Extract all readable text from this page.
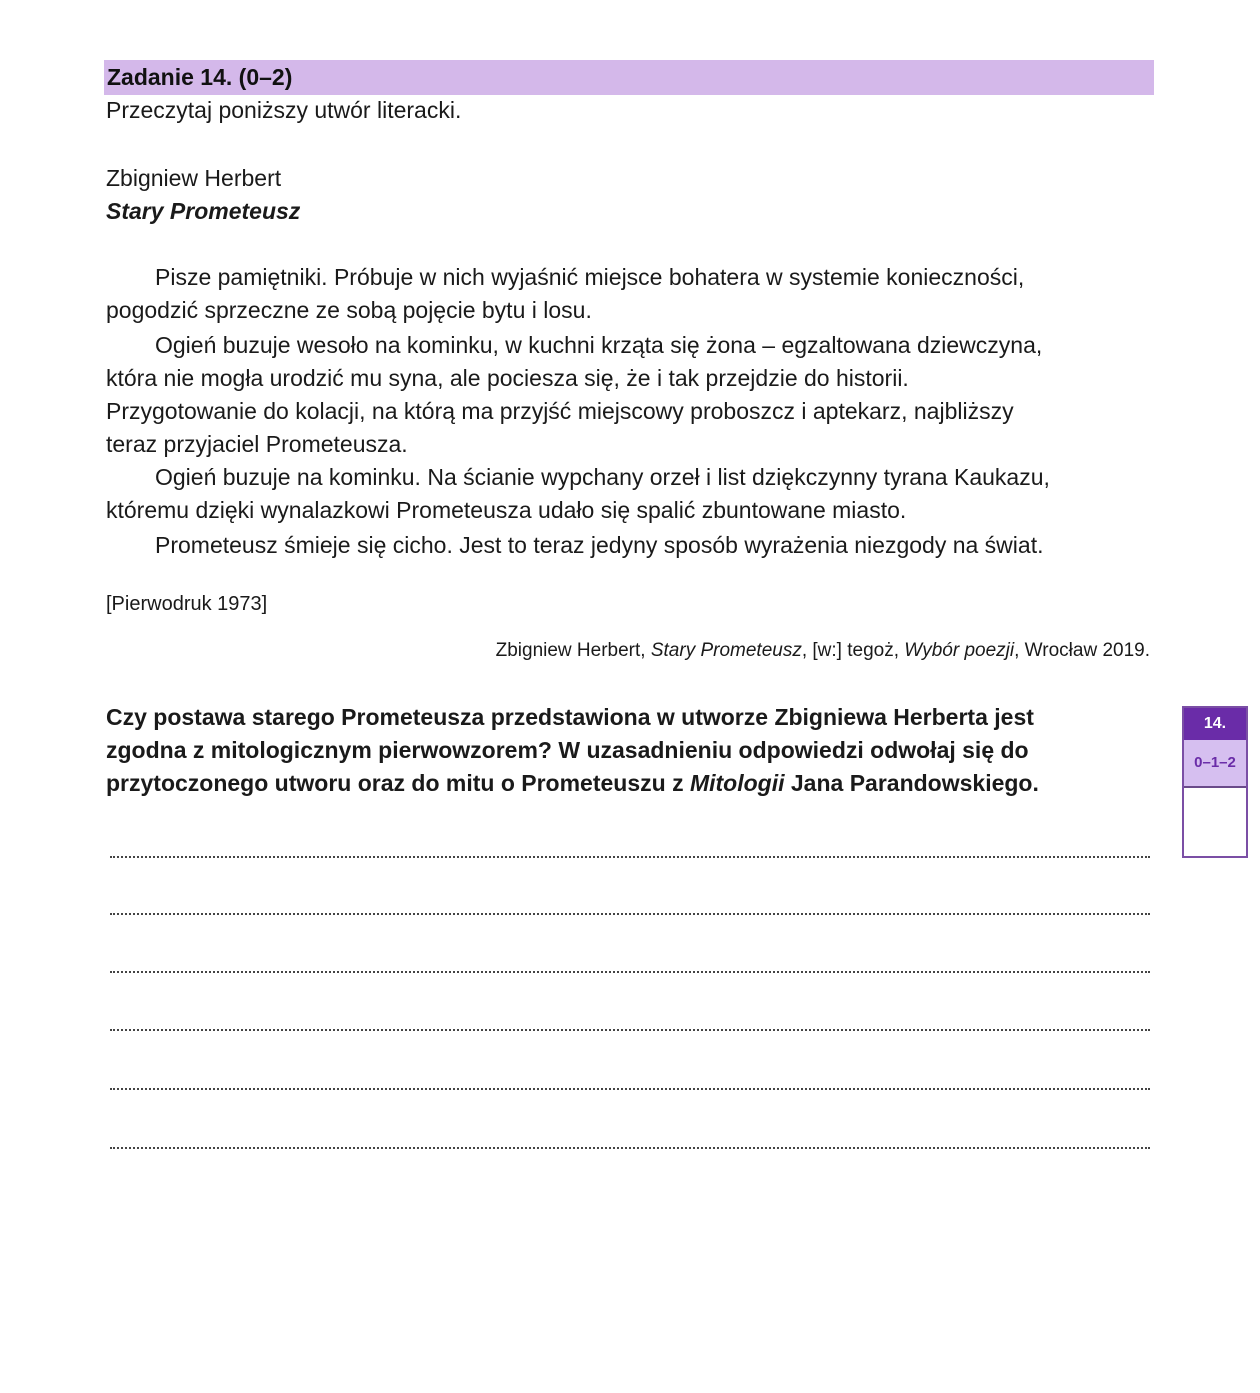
Zadanie 14. (0–2)
Przeczytaj poniższy utwór literacki.
Zbigniew Herbert
Stary Prometeusz
Pisze pamiętniki. Próbuje w nich wyjaśnić miejsce bohatera w systemie konieczności,
pogodzić sprzeczne ze sobą pojęcie bytu i losu.
Ogień buzuje wesoło na kominku, w kuchni krząta się żona – egzaltowana dziewczyna,
która nie mogła urodzić mu syna, ale pociesza się, że i tak przejdzie do historii.
Przygotowanie do kolacji, na którą ma przyjść miejscowy proboszcz i aptekarz, najbliższy
teraz przyjaciel Prometeusza.
Ogień buzuje na kominku. Na ścianie wypchany orzeł i list dziękczynny tyrana Kaukazu,
któremu dzięki wynalazkowi Prometeusza udało się spalić zbuntowane miasto.
Prometeusz śmieje się cicho. Jest to teraz jedyny sposób wyrażenia niezgody na świat.
[Pierwodruk 1973]
Zbigniew Herbert, Stary Prometeusz, [w:] tegoż, Wybór poezji, Wrocław 2019.
Czy postawa starego Prometeusza przedstawiona w utworze Zbigniewa Herberta jest
zgodna z mitologicznym pierwowzorem? W uzasadnieniu odpowiedzi odwołaj się do
przytoczonego utworu oraz do mitu o Prometeuszu z Mitologii Jana Parandowskiego.
14.
0–1–2
